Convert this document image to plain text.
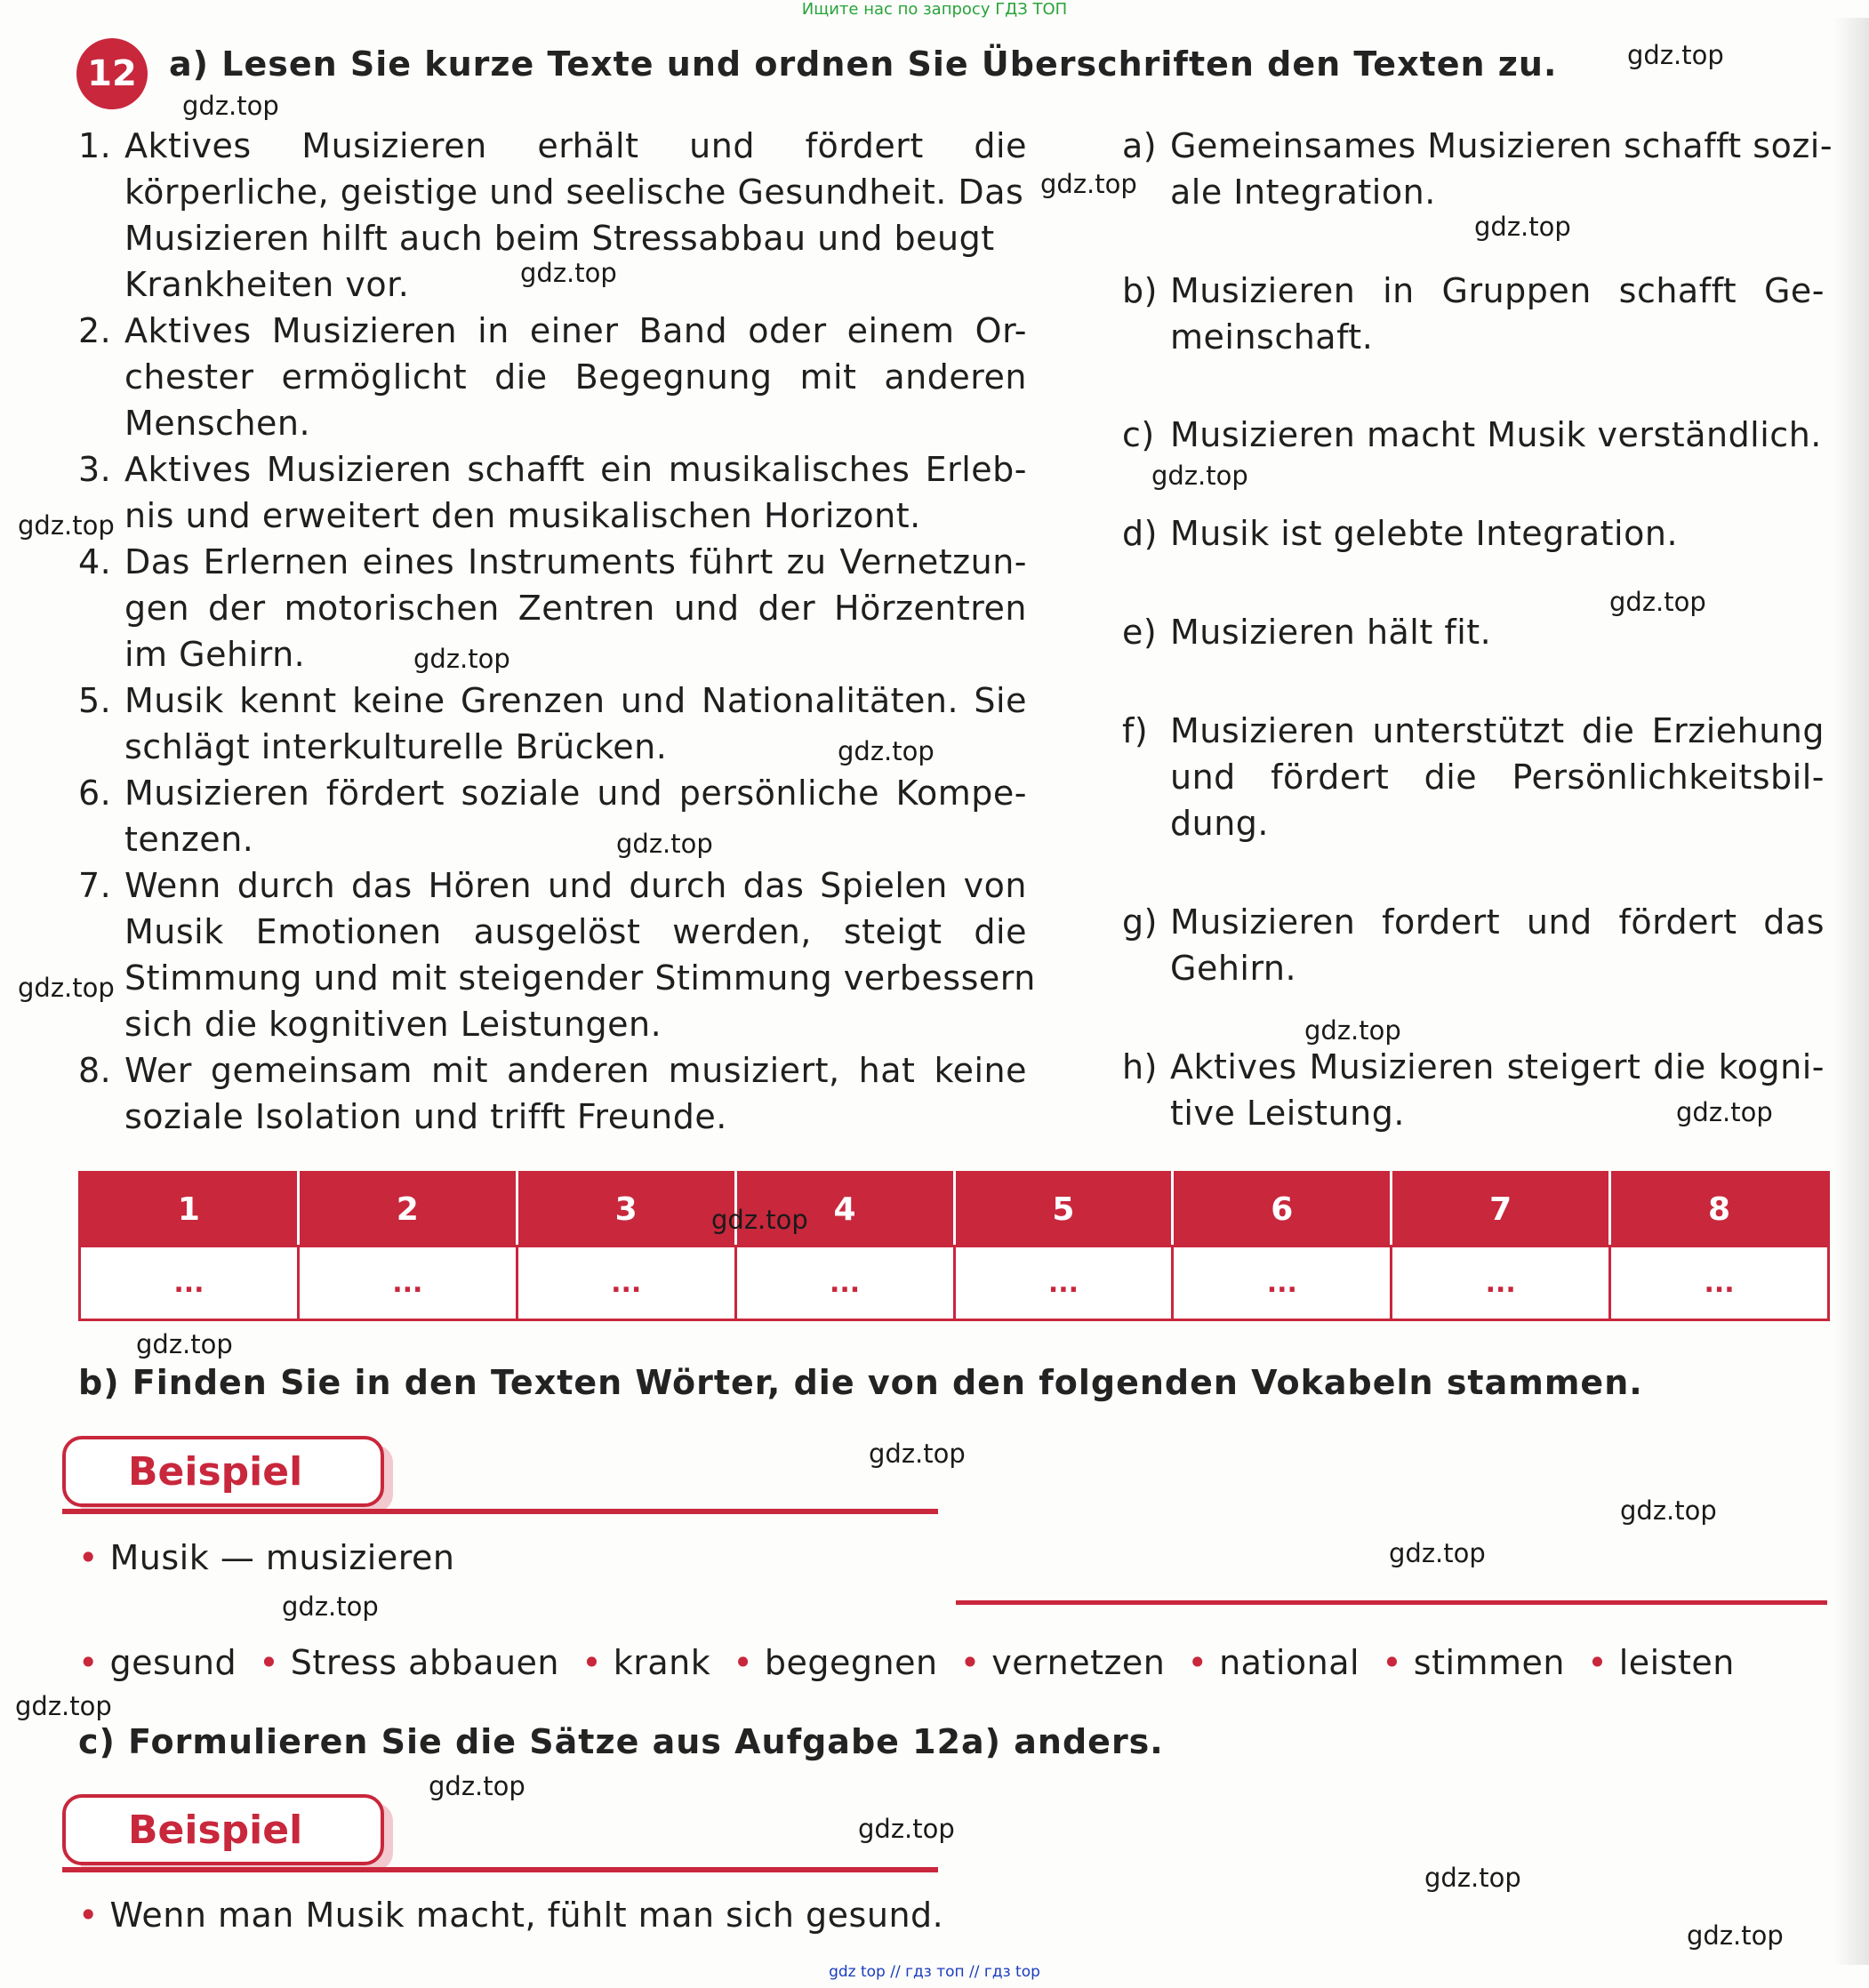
Ищите нас по запросу ГДЗ ТОП
12 a) Lesen Sie kurze Texte und ordnen Sie Überschriften den Texten zu.
1. Aktives Musizieren erhält und fördert die
körperliche, geistige und seelische Gesundheit. Das
Musizieren hilft auch beim Stressabbau und beugt
Krankheiten vor.
2. Aktives Musizieren in einer Band oder einem Or-
chester ermöglicht die Begegnung mit anderen
Menschen.
3. Aktives Musizieren schafft ein musikalisches Erleb-
nis und erweitert den musikalischen Horizont.
4. Das Erlernen eines Instruments führt zu Vernetzun-
gen der motorischen Zentren und der Hörzentren
im Gehirn.
5. Musik kennt keine Grenzen und Nationalitäten. Sie
schlägt interkulturelle Brücken.
6. Musizieren fördert soziale und persönliche Kompe-
tenzen.
7. Wenn durch das Hören und durch das Spielen von
Musik Emotionen ausgelöst werden, steigt die
Stimmung und mit steigender Stimmung verbessern
sich die kognitiven Leistungen.
8. Wer gemeinsam mit anderen musiziert, hat keine
soziale Isolation und trifft Freunde.
a) Gemeinsames Musizieren schafft sozi-
ale Integration.
b) Musizieren in Gruppen schafft Ge-
meinschaft.
c) Musizieren macht Musik verständlich.
d) Musik ist gelebte Integration.
e) Musizieren hält fit.
f) Musizieren unterstützt die Erziehung
und fördert die Persönlichkeitsbil-
dung.
g) Musizieren fordert und fördert das
Gehirn.
h) Aktives Musizieren steigert die kogni-
tive Leistung.
1	2	3	4	5	6	7	8
...	...	...	...	...	...	...	...
b) Finden Sie in den Texten Wörter, die von den folgenden Vokabeln stammen.
Beispiel
• Musik — musizieren
• gesund • Stress abbauen • krank • begegnen • vernetzen • national • stimmen • leisten
c) Formulieren Sie die Sätze aus Aufgabe 12a) anders.
Beispiel
• Wenn man Musik macht, fühlt man sich gesund.
gdz.top
gdz.top
gdz.top
gdz.top
gdz.top
gdz.top
gdz.top
gdz.top
gdz.top
gdz.top
gdz.top
gdz.top
gdz.top
gdz.top
gdz.top
gdz.top
gdz.top
gdz.top
gdz.top
gdz.top
gdz.top
gdz.top
gdz.top
gdz.top
gdz.top
gdz top // гдз топ // гдз top
